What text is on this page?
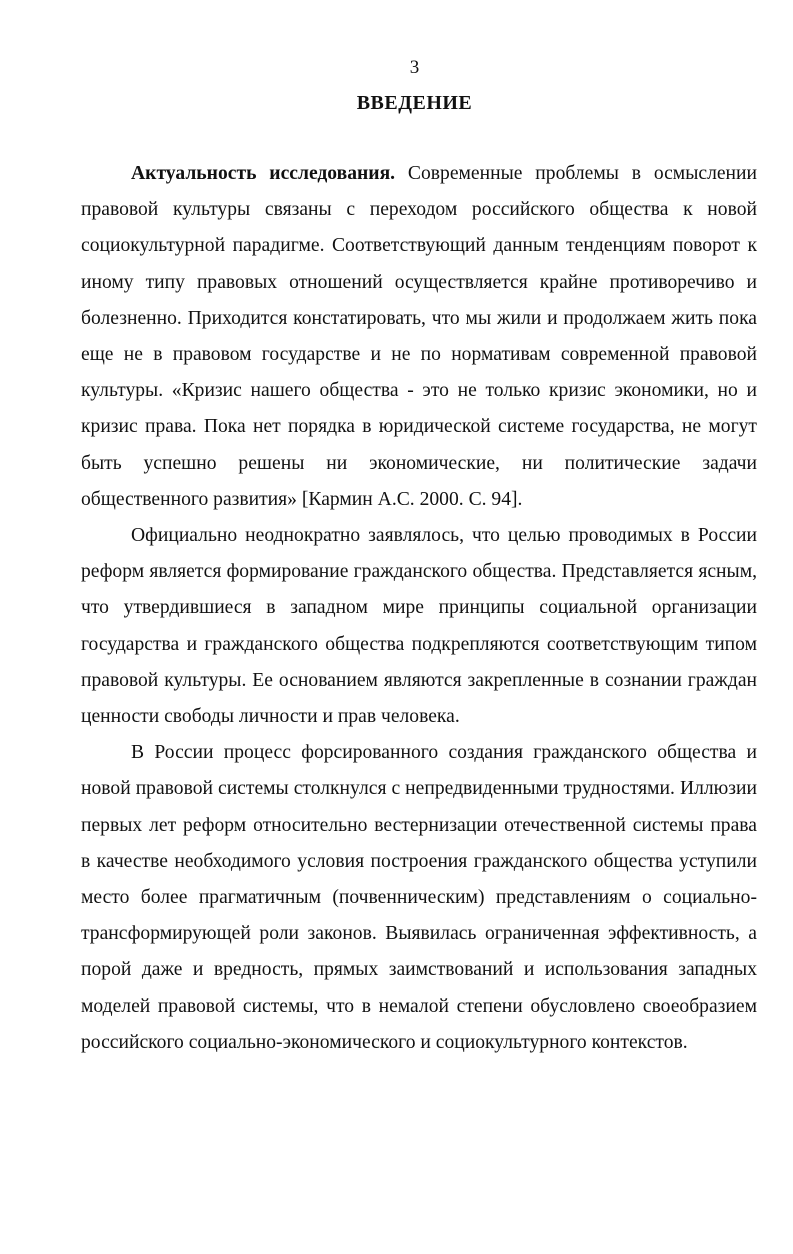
3
ВВЕДЕНИЕ

Актуальность исследования. Современные проблемы в осмыслении правовой культуры связаны с переходом российского общества к новой социокультурной парадигме. Соответствующий данным тенденциям поворот к иному типу правовых отношений осуществляется крайне противоречиво и болезненно. Приходится констатировать, что мы жили и продолжаем жить пока еще не в правовом государстве и не по нормативам современной правовой культуры. «Кризис нашего общества - это не только кризис экономики, но и кризис права. Пока нет порядка в юридической системе государства, не могут быть успешно решены ни экономические, ни политические задачи общественного развития» [Кармин А.С. 2000. С. 94].

Официально неоднократно заявлялось, что целью проводимых в России реформ является формирование гражданского общества. Представляется ясным, что утвердившиеся в западном мире принципы социальной организации государства и гражданского общества подкрепляются соответствующим типом правовой культуры. Ее основанием являются закрепленные в сознании граждан ценности свободы личности и прав человека.

В России процесс форсированного создания гражданского общества и новой правовой системы столкнулся с непредвиденными трудностями. Иллюзии первых лет реформ относительно вестернизации отечественной системы права в качестве необходимого условия построения гражданского общества уступили место более прагматичным (почвенническим) представлениям о социально-трансформирующей роли законов. Выявилась ограниченная эффективность, а порой даже и вредность, прямых заимствований и использования западных моделей правовой системы, что в немалой степени обусловлено своеобразием российского социально-экономического и социокультурного контекстов.
